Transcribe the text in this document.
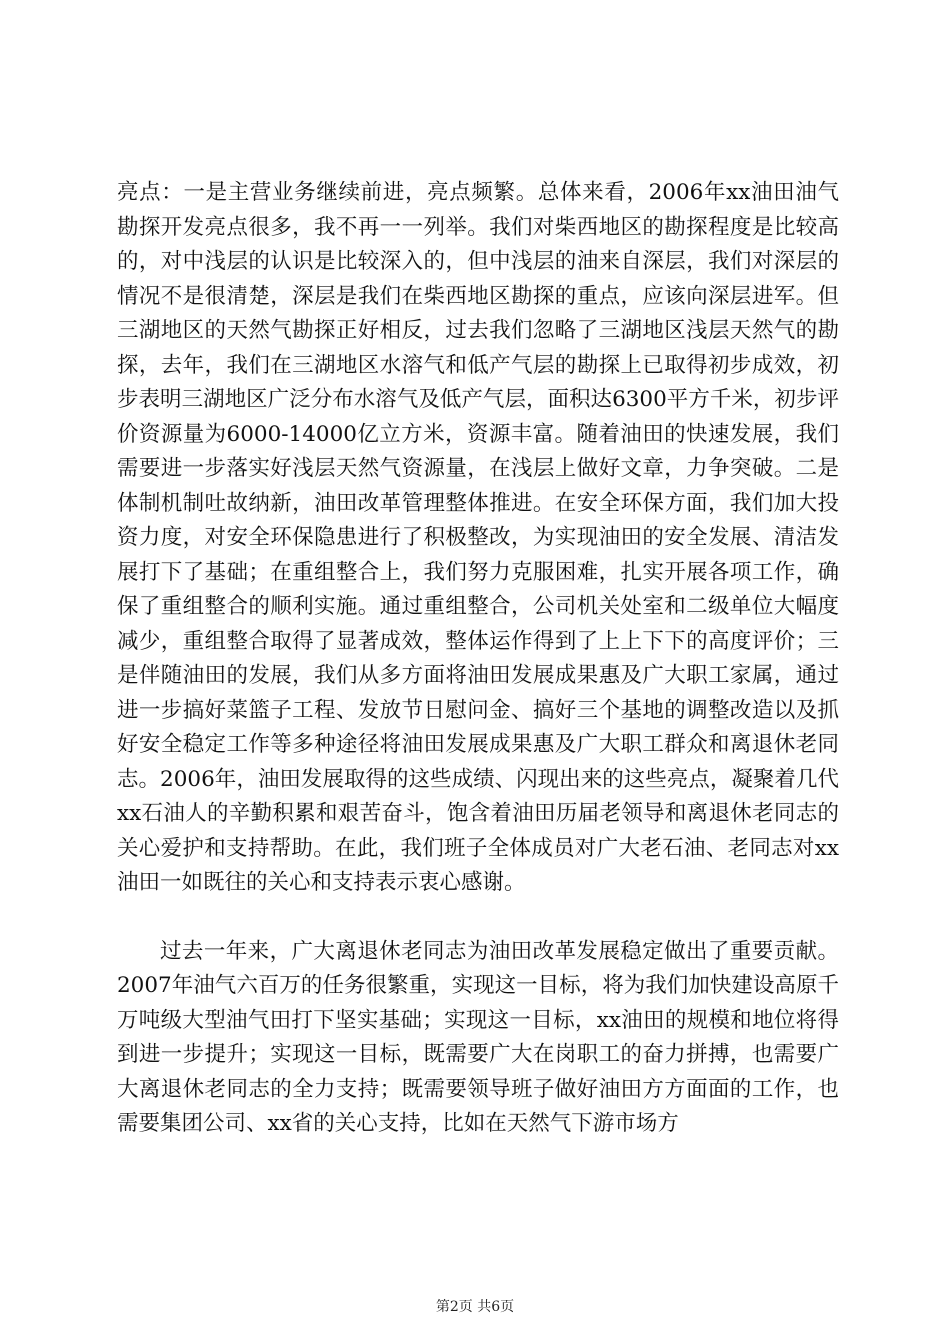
亮点：一是主营业务继续前进，亮点频繁。总体来看，2006年xx油田油气勘探开发亮点很多，我不再一一列举。我们对柴西地区的勘探程度是比较高的，对中浅层的认识是比较深入的，但中浅层的油来自深层，我们对深层的情况不是很清楚，深层是我们在柴西地区勘探的重点，应该向深层进军。但三湖地区的天然气勘探正好相反，过去我们忽略了三湖地区浅层天然气的勘探，去年，我们在三湖地区水溶气和低产气层的勘探上已取得初步成效，初步表明三湖地区广泛分布水溶气及低产气层，面积达6300平方千米，初步评价资源量为6000-14000亿立方米，资源丰富。随着油田的快速发展，我们需要进一步落实好浅层天然气资源量，在浅层上做好文章，力争突破。二是体制机制吐故纳新，油田改革管理整体推进。在安全环保方面，我们加大投资力度，对安全环保隐患进行了积极整改，为实现油田的安全发展、清洁发展打下了基础；在重组整合上，我们努力克服困难，扎实开展各项工作，确保了重组整合的顺利实施。通过重组整合，公司机关处室和二级单位大幅度减少，重组整合取得了显著成效，整体运作得到了上上下下的高度评价；三是伴随油田的发展，我们从多方面将油田发展成果惠及广大职工家属，通过进一步搞好菜篮子工程、发放节日慰问金、搞好三个基地的调整改造以及抓好安全稳定工作等多种途径将油田发展成果惠及广大职工群众和离退休老同志。2006年，油田发展取得的这些成绩、闪现出来的这些亮点，凝聚着几代xx石油人的辛勤积累和艰苦奋斗，饱含着油田历届老领导和离退休老同志的关心爱护和支持帮助。在此，我们班子全体成员对广大老石油、老同志对xx油田一如既往的关心和支持表示衷心感谢。

过去一年来，广大离退休老同志为油田改革发展稳定做出了重要贡献。2007年油气六百万的任务很繁重，实现这一目标，将为我们加快建设高原千万吨级大型油气田打下坚实基础；实现这一目标，xx油田的规模和地位将得到进一步提升；实现这一目标，既需要广大在岗职工的奋力拼搏，也需要广大离退休老同志的全力支持；既需要领导班子做好油田方方面面的工作，也需要集团公司、xx省的关心支持，比如在天然气下游市场方

第2页 共6页
